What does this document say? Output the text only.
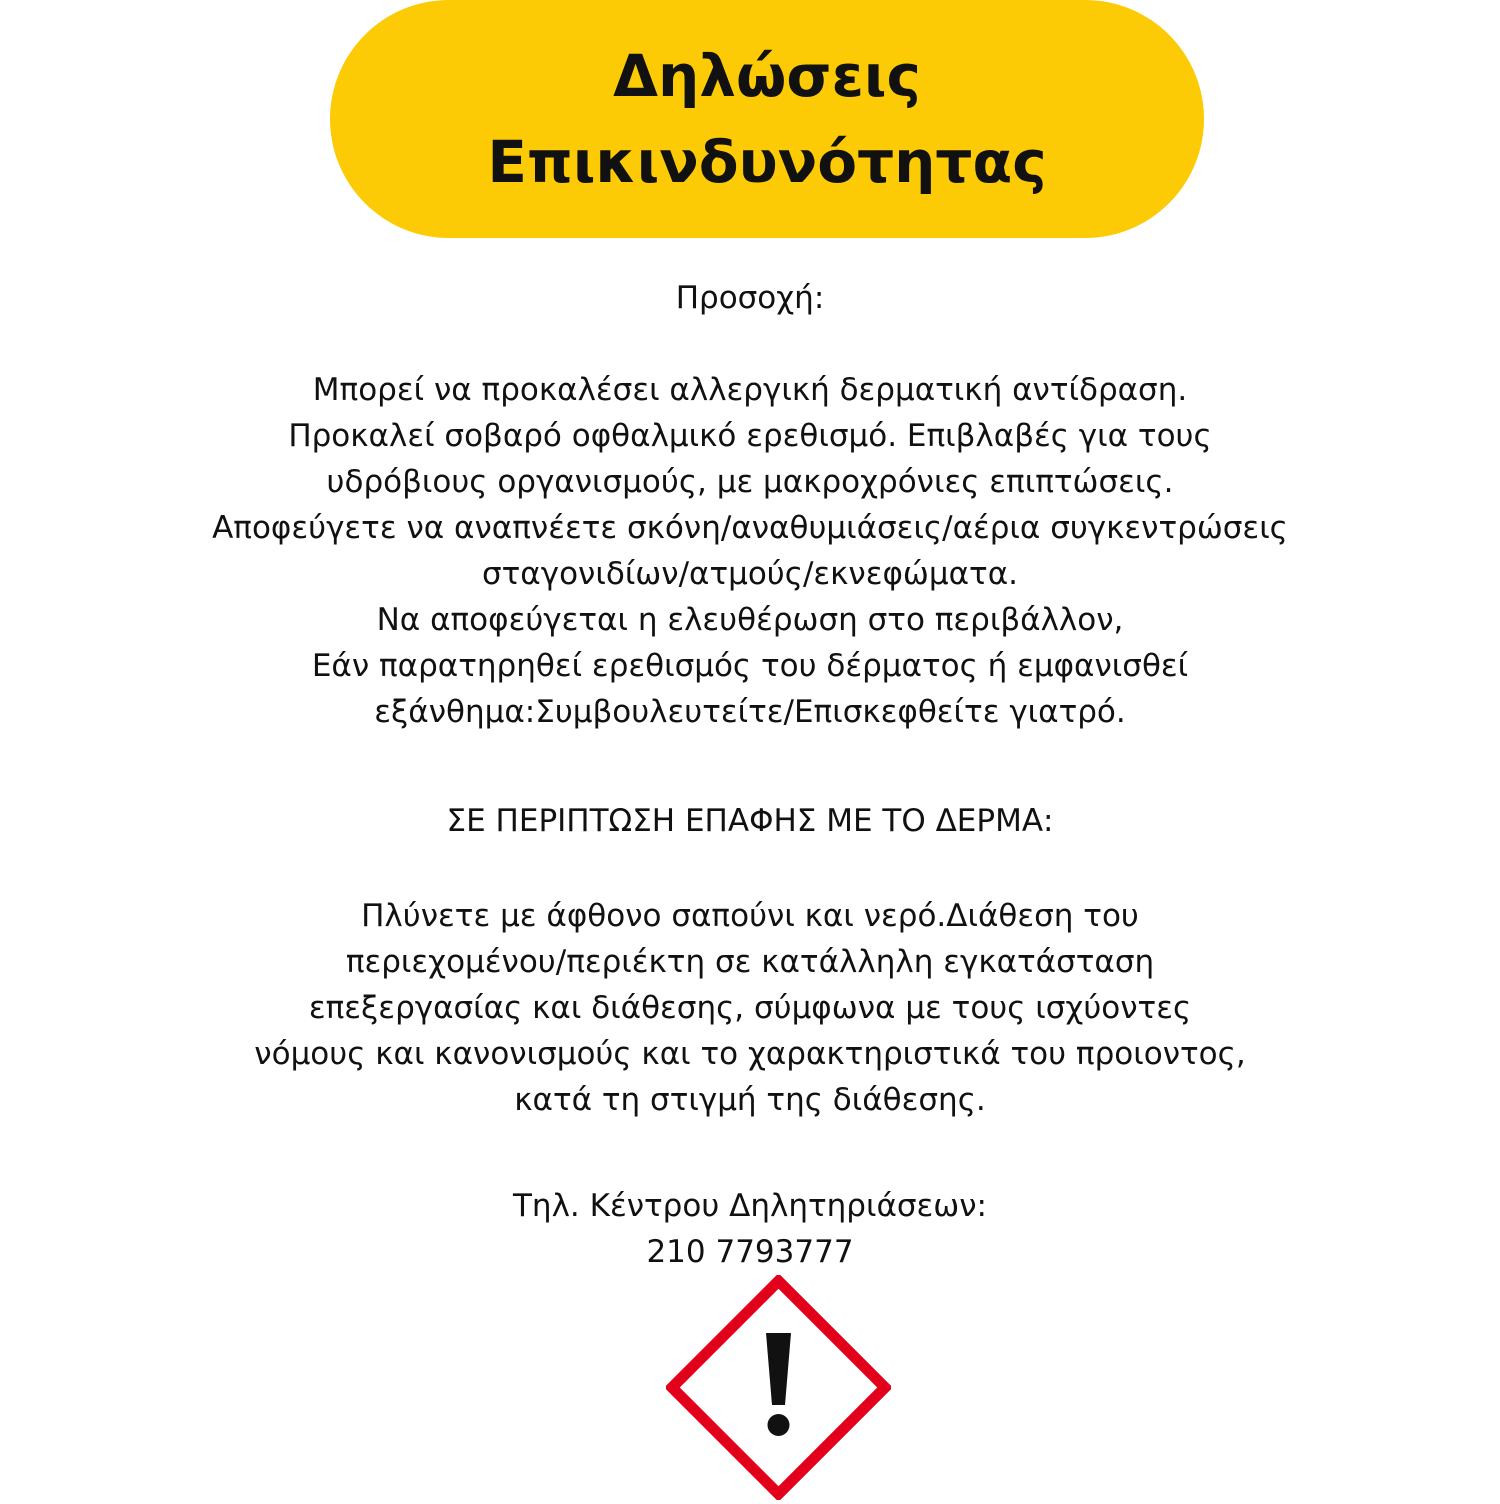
Δηλώσεις
Επικινδυνότητας
Προσοχή:
Μπορεί να προκαλέσει αλλεργική δερματική αντίδραση.
Προκαλεί σοβαρό οφθαλμικό ερεθισμό. Επιβλαβές για τους
υδρόβιους οργανισμούς, με μακροχρόνιες επιπτώσεις.
Αποφεύγετε να αναπνέετε σκόνη/αναθυμιάσεις/αέρια συγκεντρώσεις
σταγονιδίων/ατμούς/εκνεφώματα.
Να αποφεύγεται η ελευθέρωση στο περιβάλλον,
Εάν παρατηρηθεί ερεθισμός του δέρματος ή εμφανισθεί
εξάνθημα:Συμβουλευτείτε/Επισκεφθείτε γιατρό.
ΣΕ ΠΕΡΙΠΤΩΣΗ ΕΠΑΦΗΣ ΜΕ ΤΟ ΔΕΡΜΑ:
Πλύνετε με άφθονο σαπούνι και νερό.Διάθεση του
περιεχομένου/περιέκτη σε κατάλληλη εγκατάσταση
επεξεργασίας και διάθεσης, σύμφωνα με τους ισχύοντες
νόμους και κανονισμούς και το χαρακτηριστικά του προιοντος,
κατά τη στιγμή της διάθεσης.
Τηλ. Κέντρου Δηλητηριάσεων:
210 7793777
